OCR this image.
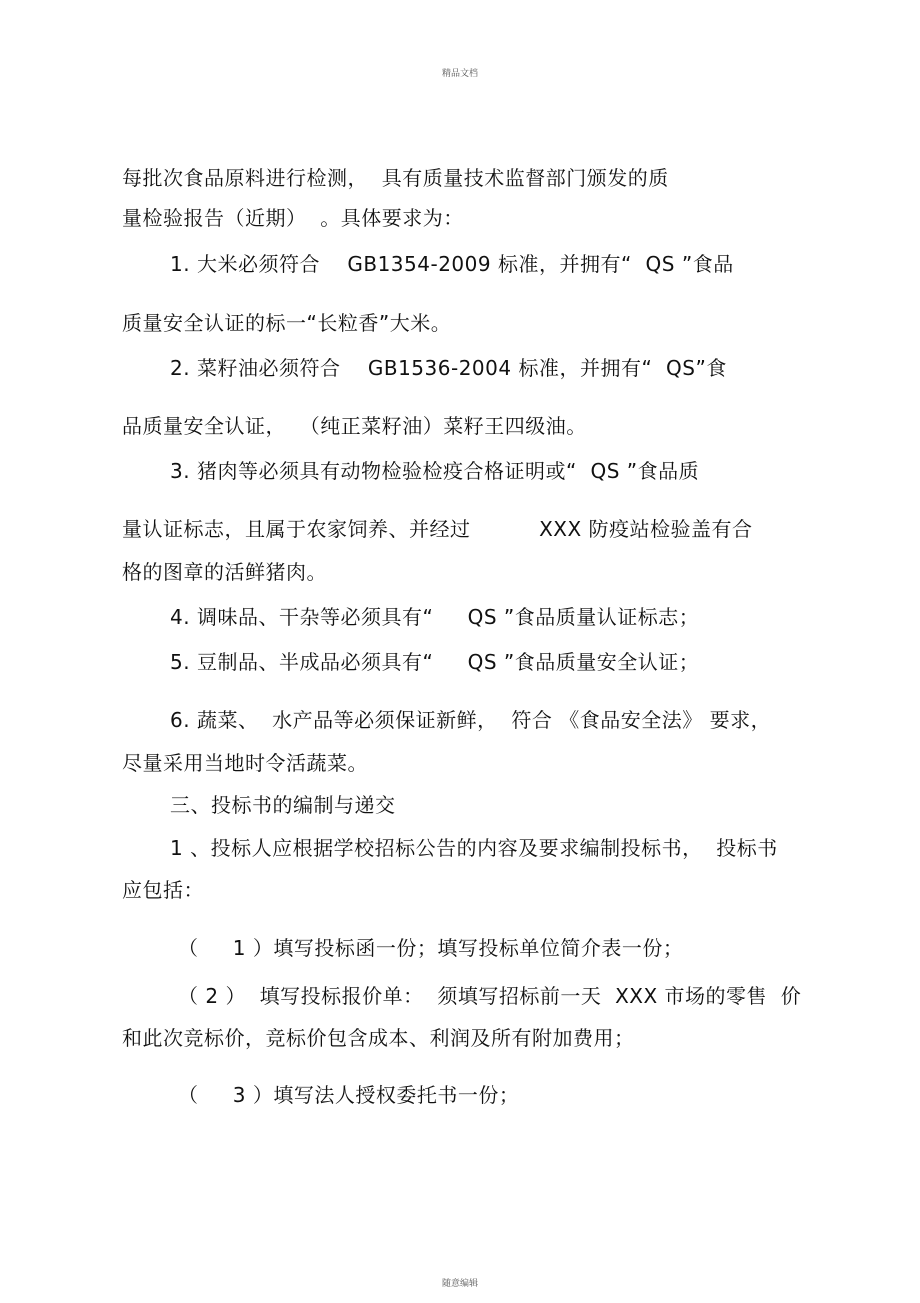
精品文档
每批次食品原料进行检测，  具有质量技术监督部门颁发的质
量检验报告（近期）  。具体要求为：
1. 大米必须符合    GB1354-2009 标准，并拥有“  QS ”食品
质量安全认证的标一“长粒香”大米。
2. 菜籽油必须符合    GB1536-2004 标准，并拥有“  QS”食
品质量安全认证，  （纯正菜籽油）菜籽王四级油。
3. 猪肉等必须具有动物检验检疫合格证明或“  QS ”食品质
量认证标志，且属于农家饲养、并经过          XXX 防疫站检验盖有合
格的图章的活鲜猪肉。
4. 调味品、干杂等必须具有“     QS ”食品质量认证标志；
5. 豆制品、半成品必须具有“     QS ”食品质量安全认证；
6. 蔬菜、  水产品等必须保证新鲜，  符合 《食品安全法》 要求，
尽量采用当地时令活蔬菜。
三、投标书的编制与递交
1 、投标人应根据学校招标公告的内容及要求编制投标书，  投标书
应包括：
（     1 ）填写投标函一份；填写投标单位简介表一份；
（ 2 ）  填写投标报价单：  须填写招标前一天  XXX 市场的零售  价
和此次竞标价，竞标价包含成本、利润及所有附加费用；
（     3 ）填写法人授权委托书一份；
随意编辑
